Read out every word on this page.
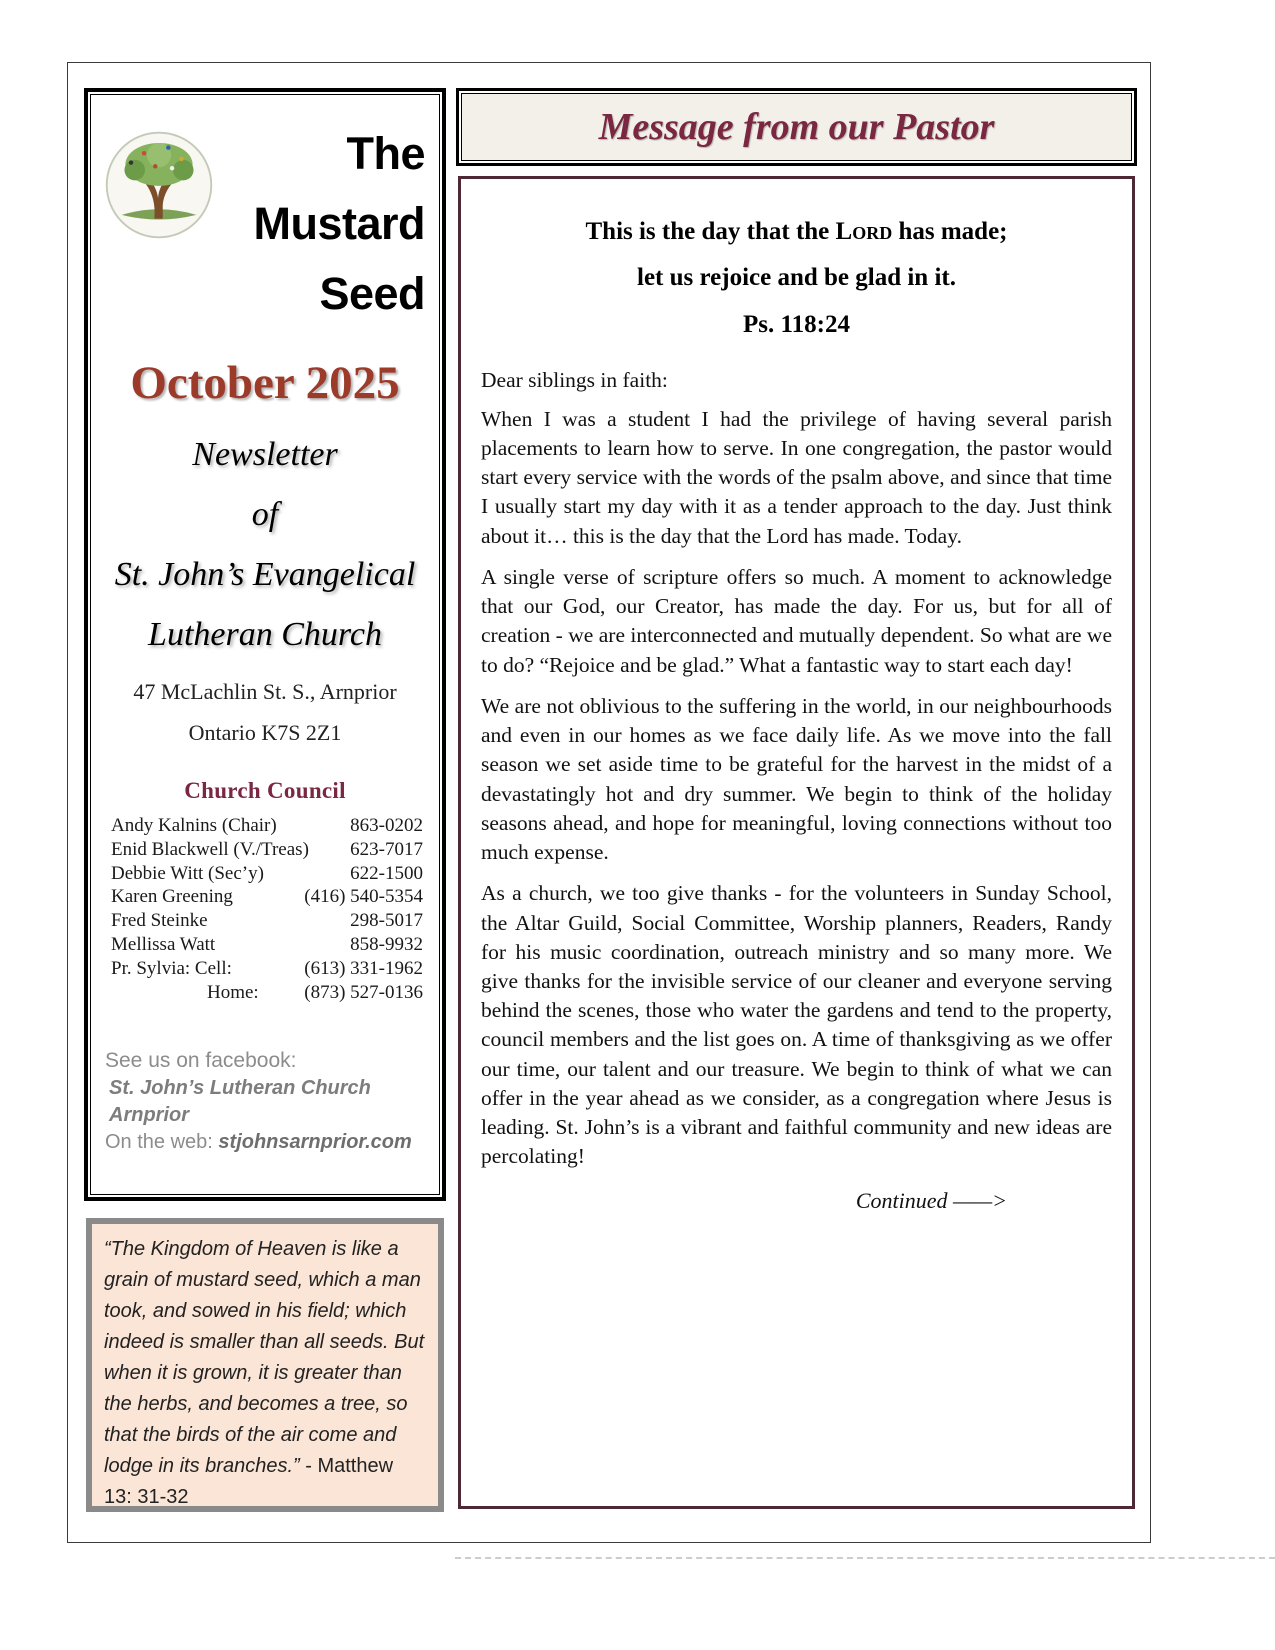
The
Mustard
Seed
October 2025
Newsletter
of
St. John’s Evangelical
Lutheran Church
47 McLachlin St. S., Arnprior
Ontario K7S 2Z1
Church Council
Andy Kalnins (Chair)	863-0202
Enid Blackwell (V./Treas) 623-7017
Debbie Witt (Sec’y)	622-1500
Karen Greening	(416) 540-5354
Fred Steinke	298-5017
Mellissa Watt	858-9932
Pr. Sylvia: Cell:	(613) 331-1962
Home: (873) 527-0136
See us on facebook:
St. John’s Lutheran Church Arnprior
On the web: stjohnsarnprior.com
“The Kingdom of Heaven is like a grain of mustard seed, which a man took, and sowed in his field; which indeed is smaller than all seeds. But when it is grown, it is greater than the herbs, and becomes a tree, so that the birds of the air come and lodge in its branches.” - Matthew 13: 31-32
Message from our Pastor
This is the day that the Lord has made;
let us rejoice and be glad in it.
Ps. 118:24

Dear siblings in faith:

When I was a student I had the privilege of having several parish placements to learn how to serve. In one congregation, the pastor would start every service with the words of the psalm above, and since that time I usually start my day with it as a tender approach to the day. Just think about it… this is the day that the Lord has made. Today.

A single verse of scripture offers so much. A moment to acknowledge that our God, our Creator, has made the day. For us, but for all of creation - we are interconnected and mutually dependent. So what are we to do? “Rejoice and be glad.” What a fantastic way to start each day!

We are not oblivious to the suffering in the world, in our neighbourhoods and even in our homes as we face daily life. As we move into the fall season we set aside time to be grateful for the harvest in the midst of a devastatingly hot and dry summer. We begin to think of the holiday seasons ahead, and hope for meaningful, loving connections without too much expense.

As a church, we too give thanks - for the volunteers in Sunday School, the Altar Guild, Social Committee, Worship planners, Readers, Randy for his music coordination, outreach ministry and so many more. We give thanks for the invisible service of our cleaner and everyone serving behind the scenes, those who water the gardens and tend to the property, council members and the list goes on. A time of thanksgiving as we offer our time, our talent and our treasure. We begin to think of what we can offer in the year ahead as we consider, as a congregation where Jesus is leading. St. John’s is a vibrant and faithful community and new ideas are percolating!

Continued ——>
